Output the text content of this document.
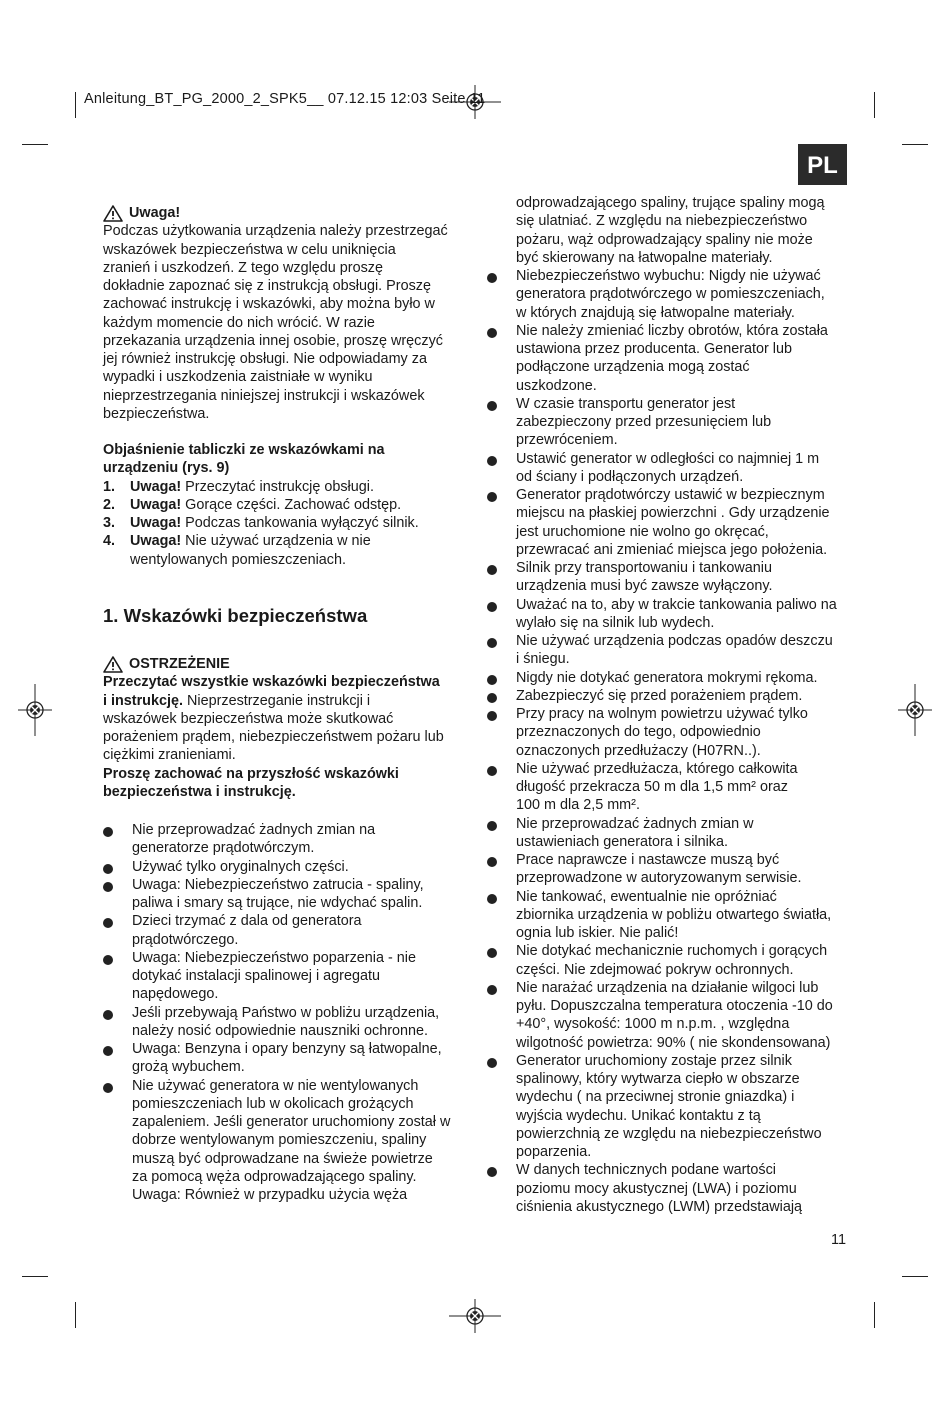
Anleitung_BT_PG_2000_2_SPK5__ 07.12.15 12:03 Seite 11
PL
Uwaga!

Podczas użytkowania urządzenia należy przestrzegać
wskazówek bezpieczeństwa w celu uniknięcia
zranień i uszkodzeń. Z tego względu proszę
dokładnie zapoznać się z instrukcją obsługi. Proszę
zachować instrukcję i wskazówki, aby można było w
każdym momencie do nich wrócić. W razie
przekazania urządzenia innej osobie, proszę wręczyć
jej również instrukcję obsługi. Nie odpowiadamy za
wypadki i uszkodzenia zaistniałe w wyniku
nieprzestrzegania niniejszej instrukcji i wskazówek
bezpieczeństwa.

Objaśnienie tabliczki ze wskazówkami na
urządzeniu (rys. 9)

1.	Uwaga! Przeczytać instrukcję obsługi.
2.	Uwaga! Gorące części. Zachować odstęp.
3.	Uwaga! Podczas tankowania wyłączyć silnik.
4.	Uwaga! Nie używać urządzenia w nie
wentylowanych pomieszczeniach.
1. Wskazówki bezpieczeństwa
OSTRZEŻENIE

Przeczytać wszystkie wskazówki bezpieczeństwa
i instrukcję. Nieprzestrzeganie instrukcji i
wskazówek bezpieczeństwa może skutkować
porażeniem prądem, niebezpieczeństwem pożaru lub
ciężkimi zranieniami.

Proszę zachować na przyszłość wskazówki
bezpieczeństwa i instrukcję.

Nie przeprowadzać żadnych zmian na
generatorze prądotwórczym.
Używać tylko oryginalnych części.
Uwaga: Niebezpieczeństwo zatrucia - spaliny,
paliwa i smary są trujące, nie wdychać spalin.
Dzieci trzymać z dala od generatora
prądotwórczego.
Uwaga: Niebezpieczeństwo poparzenia - nie
dotykać instalacji spalinowej i agregatu
napędowego.
Jeśli przebywają Państwo w pobliżu urządzenia,
należy nosić odpowiednie nauszniki ochronne.
Uwaga: Benzyna i opary benzyny są łatwopalne,
grożą wybuchem.
Nie używać generatora w nie wentylowanych
pomieszczeniach lub w okolicach grożących
zapaleniem. Jeśli generator uruchomiony został w
dobrze wentylowanym pomieszczeniu, spaliny
muszą być odprowadzane na świeże powietrze
za pomocą węża odprowadzającego spaliny.
Uwaga: Również w przypadku użycia węża

odprowadzającego spaliny, trujące spaliny mogą
się ulatniać. Z względu na niebezpieczeństwo
pożaru, wąż odprowadzający spaliny nie może
być skierowany na łatwopalne materiały.

Niebezpieczeństwo wybuchu: Nigdy nie używać
generatora prądotwórczego w pomieszczeniach,
w których znajdują się łatwopalne materiały.
Nie należy zmieniać liczby obrotów, która została
ustawiona przez producenta. Generator lub
podłączone urządzenia mogą zostać
uszkodzone.
W czasie transportu generator jest
zabezpieczony przed przesunięciem lub
przewróceniem.
Ustawić generator w odległości co najmniej 1 m
od ściany i podłączonych urządzeń.
Generator prądotwórczy ustawić w bezpiecznym
miejscu na płaskiej powierzchni . Gdy urządzenie
jest uruchomione nie wolno go okręcać,
przewracać ani zmieniać miejsca jego położenia.
Silnik przy transportowaniu i tankowaniu
urządzenia musi być zawsze wyłączony.
Uważać na to, aby w trakcie tankowania paliwo na
wylało się na silnik lub wydech.
Nie używać urządzenia podczas opadów deszczu
i śniegu.
Nigdy nie dotykać generatora mokrymi rękoma.
Zabezpieczyć się przed porażeniem prądem.
Przy pracy na wolnym powietrzu używać tylko
przeznaczonych do tego, odpowiednio
oznaczonych przedłużaczy (H07RN..).
Nie używać przedłużacza, którego całkowita
długość przekracza 50 m dla 1,5 mm² oraz
100 m dla 2,5 mm².
Nie przeprowadzać żadnych zmian w
ustawieniach generatora i silnika.
Prace naprawcze i nastawcze muszą być
przeprowadzone w autoryzowanym serwisie.
Nie tankować, ewentualnie nie opróżniać
zbiornika urządzenia w pobliżu otwartego światła,
ognia lub iskier. Nie palić!
Nie dotykać mechanicznie ruchomych i gorących
części. Nie zdejmować pokryw ochronnych.
Nie narażać urządzenia na działanie wilgoci lub
pyłu. Dopuszczalna temperatura otoczenia -10 do
+40°, wysokość: 1000 m n.p.m. , względna
wilgotność powietrza: 90% ( nie skondensowana)
Generator uruchomiony zostaje przez silnik
spalinowy, który wytwarza ciepło w obszarze
wydechu ( na przeciwnej stronie gniazdka) i
wyjścia wydechu. Unikać kontaktu z tą
powierzchnią ze względu na niebezpieczeństwo
poparzenia.
W danych technicznych podane wartości
poziomu mocy akustycznej (LWA) i poziomu
ciśnienia akustycznego (LWM) przedstawiają
11
